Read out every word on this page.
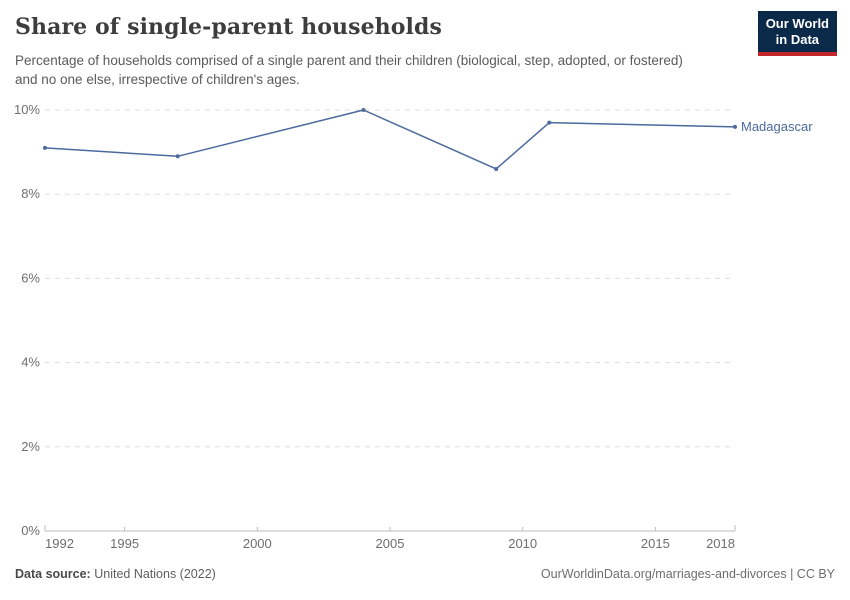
Share of single-parent households

Percentage of households comprised of a single parent and their children (biological, step, adopted, or fostered) and no one else, irrespective of children's ages.

Our World
in Data
0%
2%
4%
6%
8%
10%
1992	1995	2000	2005	2010	2015	2018
Madagascar
Data source: United Nations (2022)	OurWorldinData.org/marriages-and-divorces | CC BY
